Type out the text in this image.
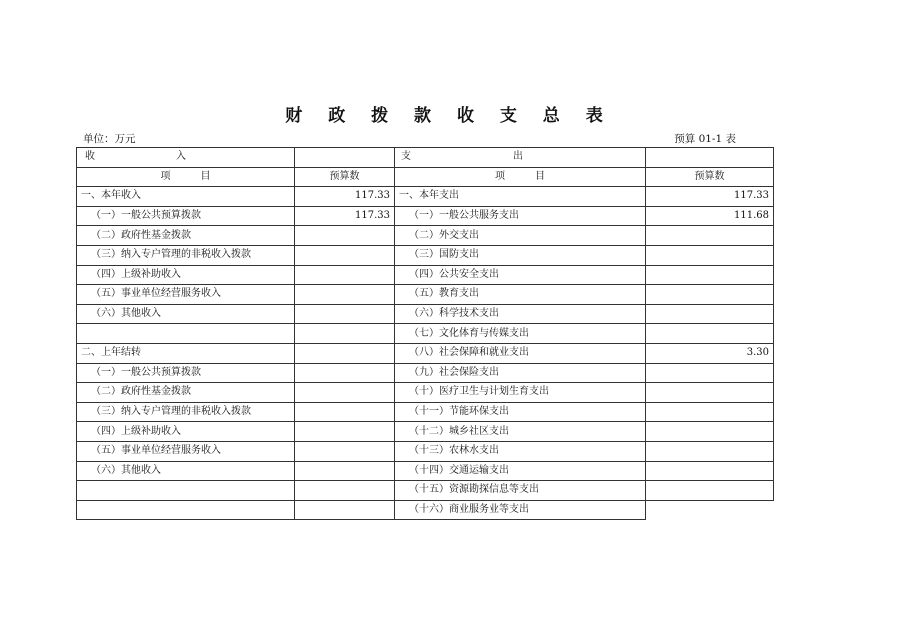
财 政 拨 款 收 支 总 表
单位：万元	预算 01-1 表
收 入		支 出	

项　　　目	预算数	项　　　目	预算数
一、本年收入	117.33	一、本年支出	117.33
（一）一般公共预算拨款	117.33	（一）一般公共服务支出	111.68
（二）政府性基金拨款		（二）外交支出	
（三）纳入专户管理的非税收入拨款		（三）国防支出	
（四）上级补助收入		（四）公共安全支出	
（五）事业单位经营服务收入		（五）教育支出	
（六）其他收入		（六）科学技术支出	
		（七）文化体育与传媒支出	
二、上年结转		（八）社会保障和就业支出	3.30
（一）一般公共预算拨款		（九）社会保险支出	
（二）政府性基金拨款		（十）医疗卫生与计划生育支出	
（三）纳入专户管理的非税收入拨款		（十一）节能环保支出	
（四）上级补助收入		（十二）城乡社区支出	
（五）事业单位经营服务收入		（十三）农林水支出	
（六）其他收入		（十四）交通运输支出	
		（十五）资源勘探信息等支出	
		（十六）商业服务业等支出	
